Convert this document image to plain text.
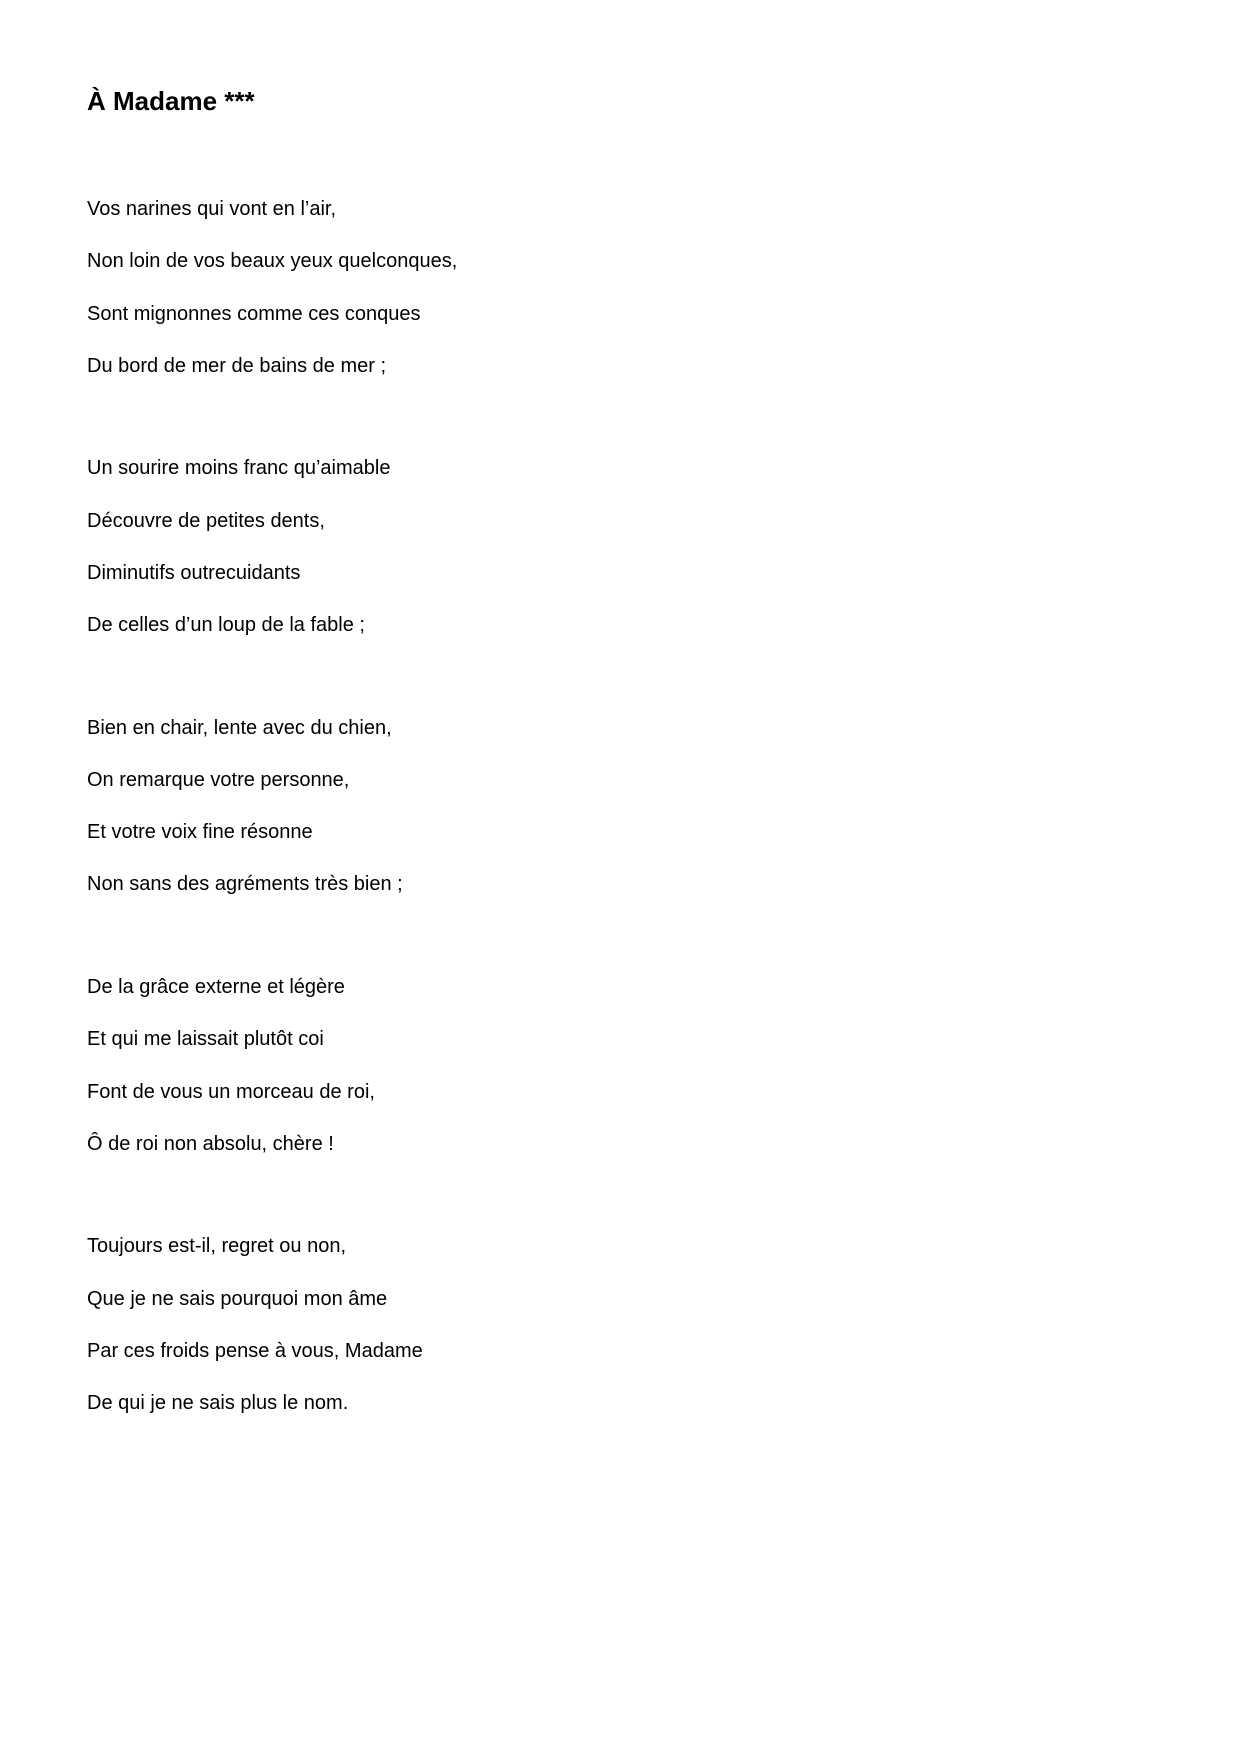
À Madame ***

Vos narines qui vont en l’air,

Non loin de vos beaux yeux quelconques,

Sont mignonnes comme ces conques

Du bord de mer de bains de mer ;

Un sourire moins franc qu’aimable

Découvre de petites dents,

Diminutifs outrecuidants

De celles d’un loup de la fable ;

Bien en chair, lente avec du chien,

On remarque votre personne,

Et votre voix fine résonne

Non sans des agréments très bien ;

De la grâce externe et légère

Et qui me laissait plutôt coi

Font de vous un morceau de roi,

Ô de roi non absolu, chère !

Toujours est-il, regret ou non,

Que je ne sais pourquoi mon âme

Par ces froids pense à vous, Madame

De qui je ne sais plus le nom.
